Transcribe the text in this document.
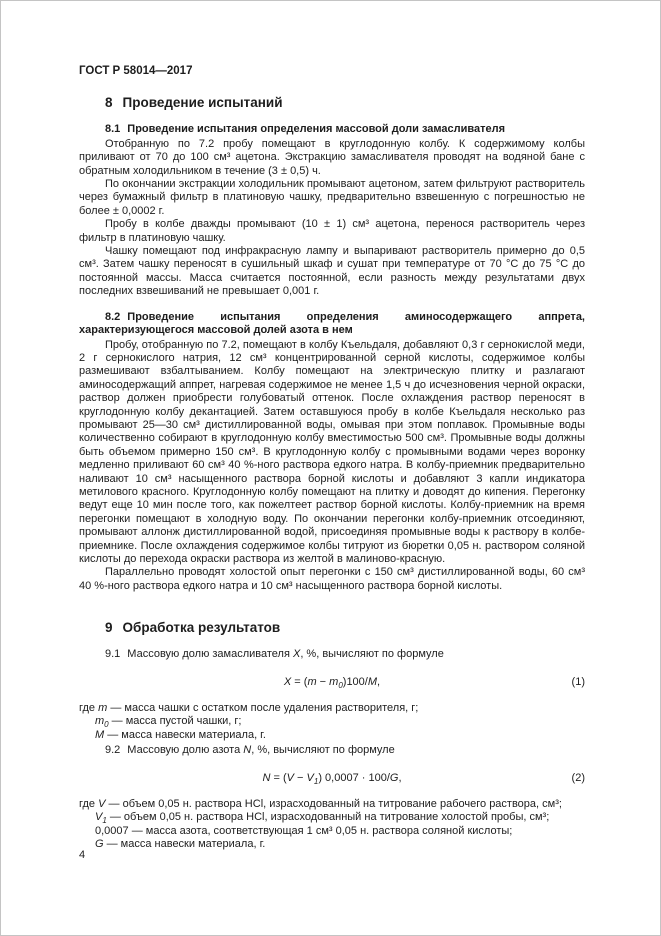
ГОСТ Р 58014—2017
8 Проведение испытаний
8.1 Проведение испытания определения массовой доли замасливателя

Отобранную по 7.2 пробу помещают в круглодонную колбу. К содержимому колбы приливают от 70 до 100 см³ ацетона. Экстракцию замасливателя проводят на водяной бане с обратным холодильником в течение (3 ± 0,5) ч.

По окончании экстракции холодильник промывают ацетоном, затем фильтруют растворитель через бумажный фильтр в платиновую чашку, предварительно взвешенную с погрешностью не более ± 0,0002 г.

Пробу в колбе дважды промывают (10 ± 1) см³ ацетона, перенося растворитель через фильтр в платиновую чашку.

Чашку помещают под инфракрасную лампу и выпаривают растворитель примерно до 0,5 см³. Затем чашку переносят в сушильный шкаф и сушат при температуре от 70 °С до 75 °С до постоянной массы. Масса считается постоянной, если разность между результатами двух последних взвешиваний не превышает 0,001 г.

8.2 Проведение испытания определения аминосодержащего аппрета, характеризующегося массовой долей азота в нем

Пробу, отобранную по 7.2, помещают в колбу Къельдаля, добавляют 0,3 г сернокислой меди, 2 г сернокислого натрия, 12 см³ концентрированной серной кислоты, содержимое колбы размешивают взбалтыванием. Колбу помещают на электрическую плитку и разлагают аминосодержащий аппрет, нагревая содержимое не менее 1,5 ч до исчезновения черной окраски, раствор должен приобрести голубоватый оттенок. После охлаждения раствор переносят в круглодонную колбу декантацией. Затем оставшуюся пробу в колбе Къельдаля несколько раз промывают 25—30 см³ дистиллированной воды, омывая при этом поплавок. Промывные воды количественно собирают в круглодонную колбу вместимостью 500 см³. Промывные воды должны быть объемом примерно 150 см³. В круглодонную колбу с промывными водами через воронку медленно приливают 60 см³ 40 %-ного раствора едкого натра. В колбу-приемник предварительно наливают 10 см³ насыщенного раствора борной кислоты и добавляют 3 капли индикатора метилового красного. Круглодонную колбу помещают на плитку и доводят до кипения. Перегонку ведут еще 10 мин после того, как пожелтеет раствор борной кислоты. Колбу-приемник на время перегонки помещают в холодную воду. По окончании перегонки колбу-приемник отсоединяют, промывают аллонж дистиллированной водой, присоединяя промывные воды к раствору в колбе-приемнике. После охлаждения содержимое колбы титруют из бюретки 0,05 н. раствором соляной кислоты до перехода окраски раствора из желтой в малиново-красную.

Параллельно проводят холостой опыт перегонки с 150 см³ дистиллированной воды, 60 см³ 40 %-ного раствора едкого натра и 10 см³ насыщенного раствора борной кислоты.

9 Обработка результатов
9.1 Массовую долю замасливателя X, %, вычисляют по формуле
$X = (m - m_0)100/M$,	(1)
где m — масса чашки с остатком после удаления растворителя, г;
$m_0$ — масса пустой чашки, г;
M — масса навески материала, г.
9.2 Массовую долю азота N, %, вычисляют по формуле
$N = (V - V_1)$ 0,0007 · 100/G,	(2)
где V — объем 0,05 н. раствора HCl, израсходованный на титрование рабочего раствора, см³;
$V_1$ — объем 0,05 н. раствора HCl, израсходованный на титрование холостой пробы, см³;
0,0007 — масса азота, соответствующая 1 см³ 0,05 н. раствора соляной кислоты;
G — масса навески материала, г.
4
